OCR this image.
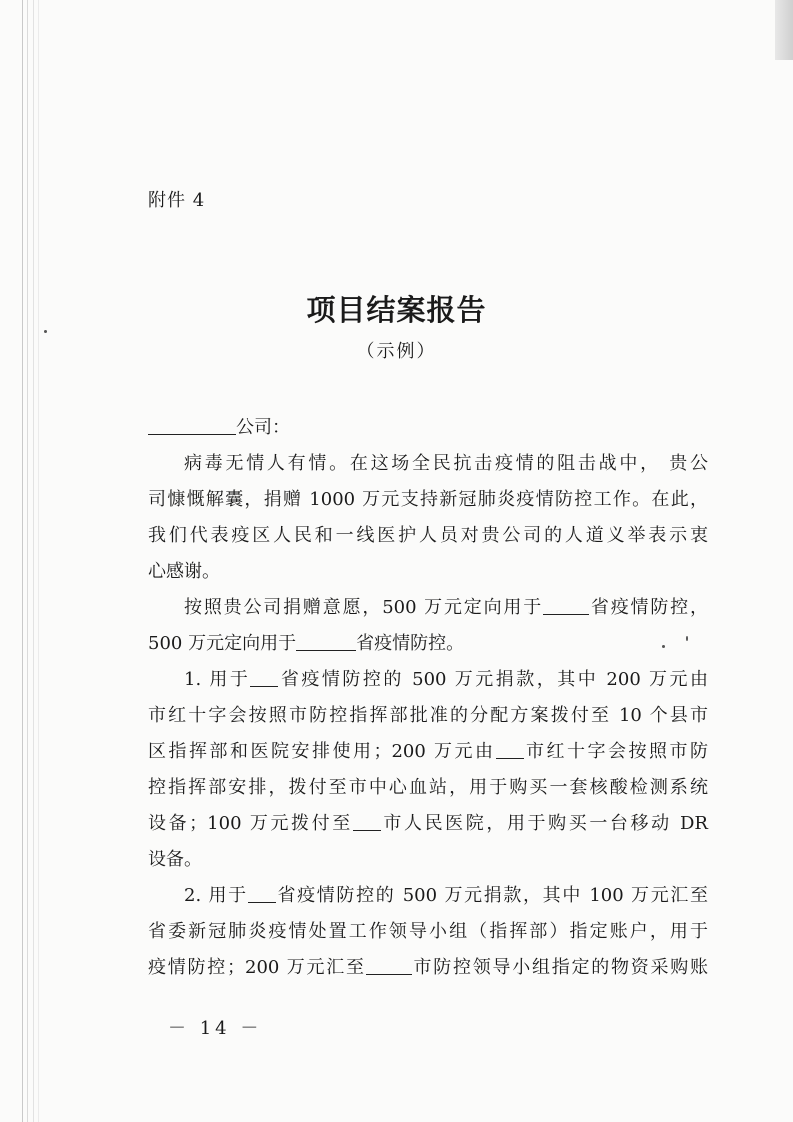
附件 4
项目结案报告
（示例）

公司：

病毒无情人有情。在这场全民抗击疫情的阻击战中， 贵公
司慷慨解囊，捐赠 1000 万元支持新冠肺炎疫情防控工作。在此，
我们代表疫区人民和一线医护人员对贵公司的人道义举表示衷
心感谢。

按照贵公司捐赠意愿，500 万元定向用于	省疫情防控，
500 万元定向用于	省疫情防控。

1. 用于 省疫情防控的 500 万元捐款，其中 200 万元由
市红十字会按照市防控指挥部批准的分配方案拨付至 10 个县市
区指挥部和医院安排使用；200 万元由 市红十字会按照市防
控指挥部安排，拨付至市中心血站，用于购买一套核酸检测系统
设备；100 万元拨付至 市人民医院，用于购买一台移动 DR
设备。

2. 用于 省疫情防控的 500 万元捐款，其中 100 万元汇至
省委新冠肺炎疫情处置工作领导小组（指挥部）指定账户，用于
疫情防控；200 万元汇至	市防控领导小组指定的物资采购账

－ 14 －
